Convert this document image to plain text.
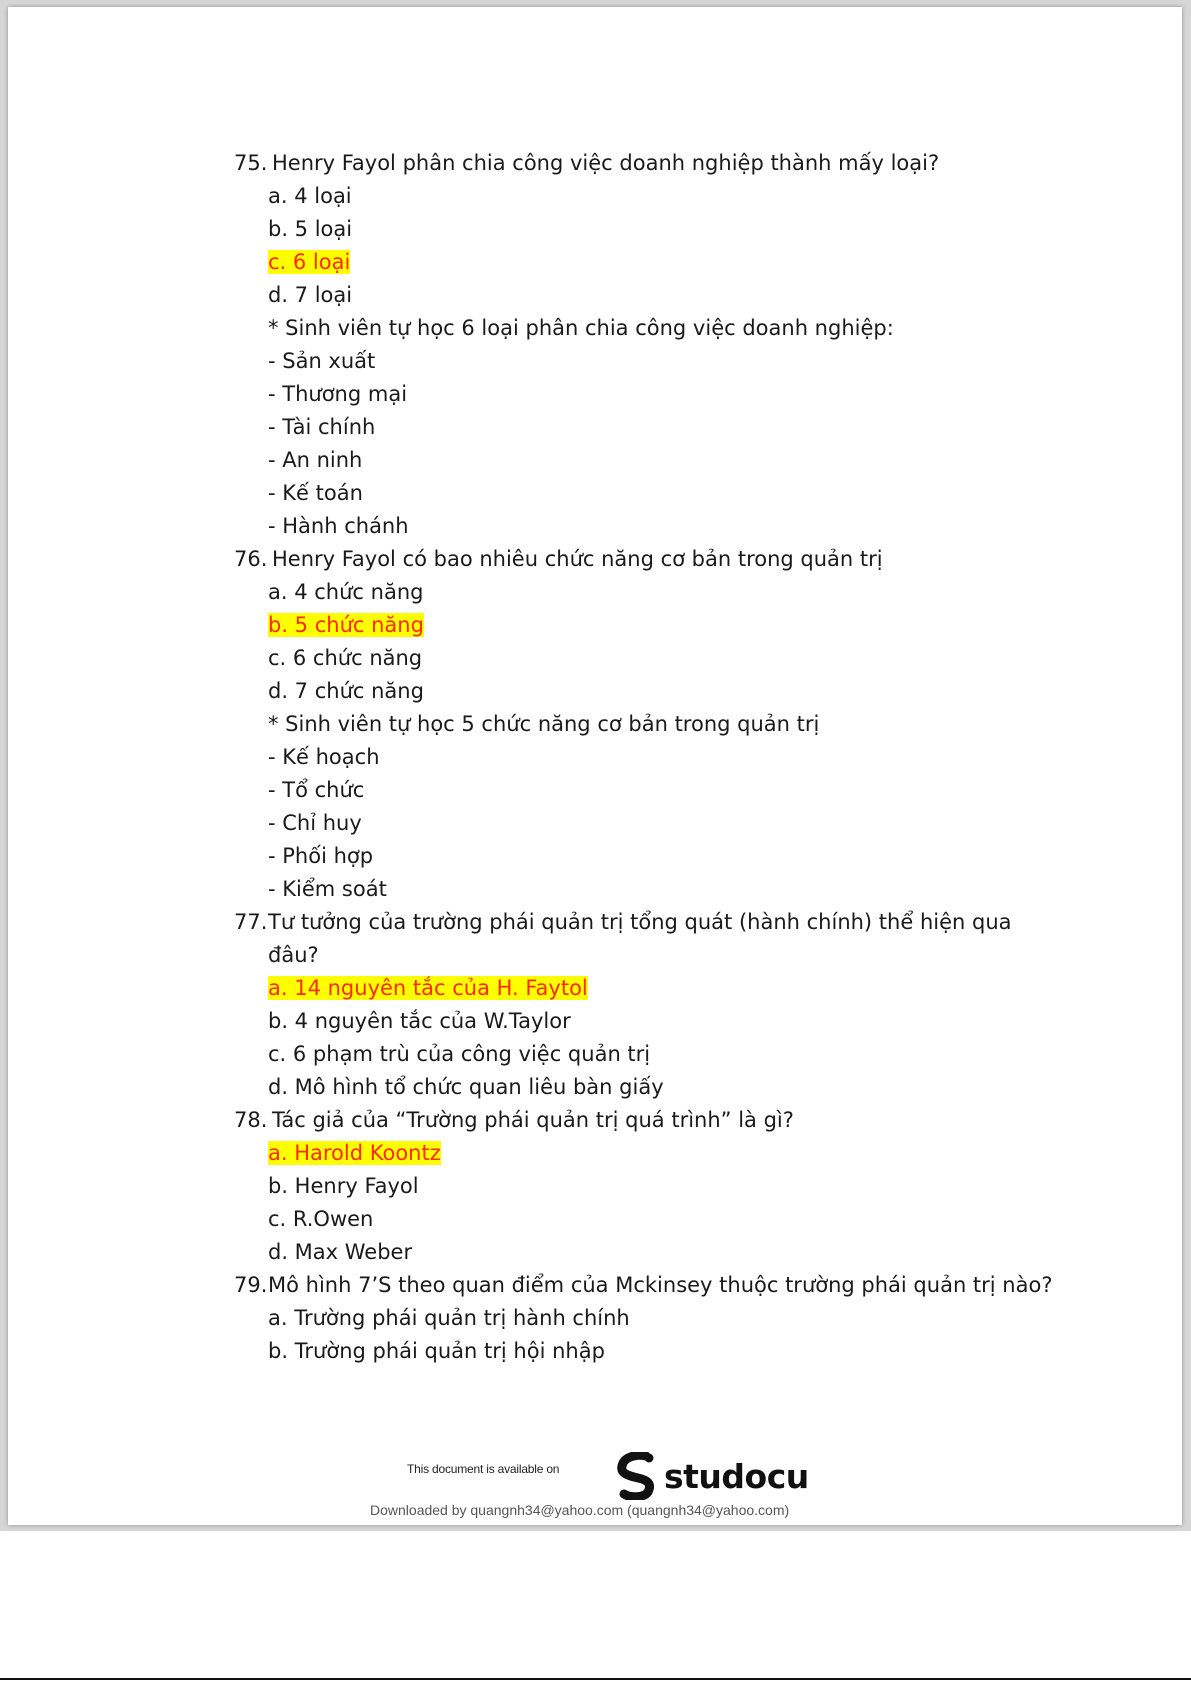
75. Henry Fayol phân chia công việc doanh nghiệp thành mấy loại?
a. 4 loại
b. 5 loại
c. 6 loại
d. 7 loại
* Sinh viên tự học 6 loại phân chia công việc doanh nghiệp:
- Sản xuất
- Thương mại
- Tài chính
- An ninh
- Kế toán
- Hành chánh
76. Henry Fayol có bao nhiêu chức năng cơ bản trong quản trị
a. 4 chức năng
b. 5 chức năng
c. 6 chức năng
d. 7 chức năng
* Sinh viên tự học 5 chức năng cơ bản trong quản trị
- Kế hoạch
- Tổ chức
- Chỉ huy
- Phối hợp
- Kiểm soát
77.Tư tưởng của trường phái quản trị tổng quát (hành chính) thể hiện qua
đâu?
a. 14 nguyên tắc của H. Faytol
b. 4 nguyên tắc của W.Taylor
c. 6 phạm trù của công việc quản trị
d. Mô hình tổ chức quan liêu bàn giấy
78. Tác giả của “Trường phái quản trị quá trình” là gì?
a. Harold Koontz
b. Henry Fayol
c. R.Owen
d. Max Weber
79.Mô hình 7’S theo quan điểm của Mckinsey thuộc trường phái quản trị nào?
a. Trường phái quản trị hành chính
b. Trường phái quản trị hội nhập
This document is available on	studocu
Downloaded by quangnh34@yahoo.com (quangnh34@yahoo.com)
